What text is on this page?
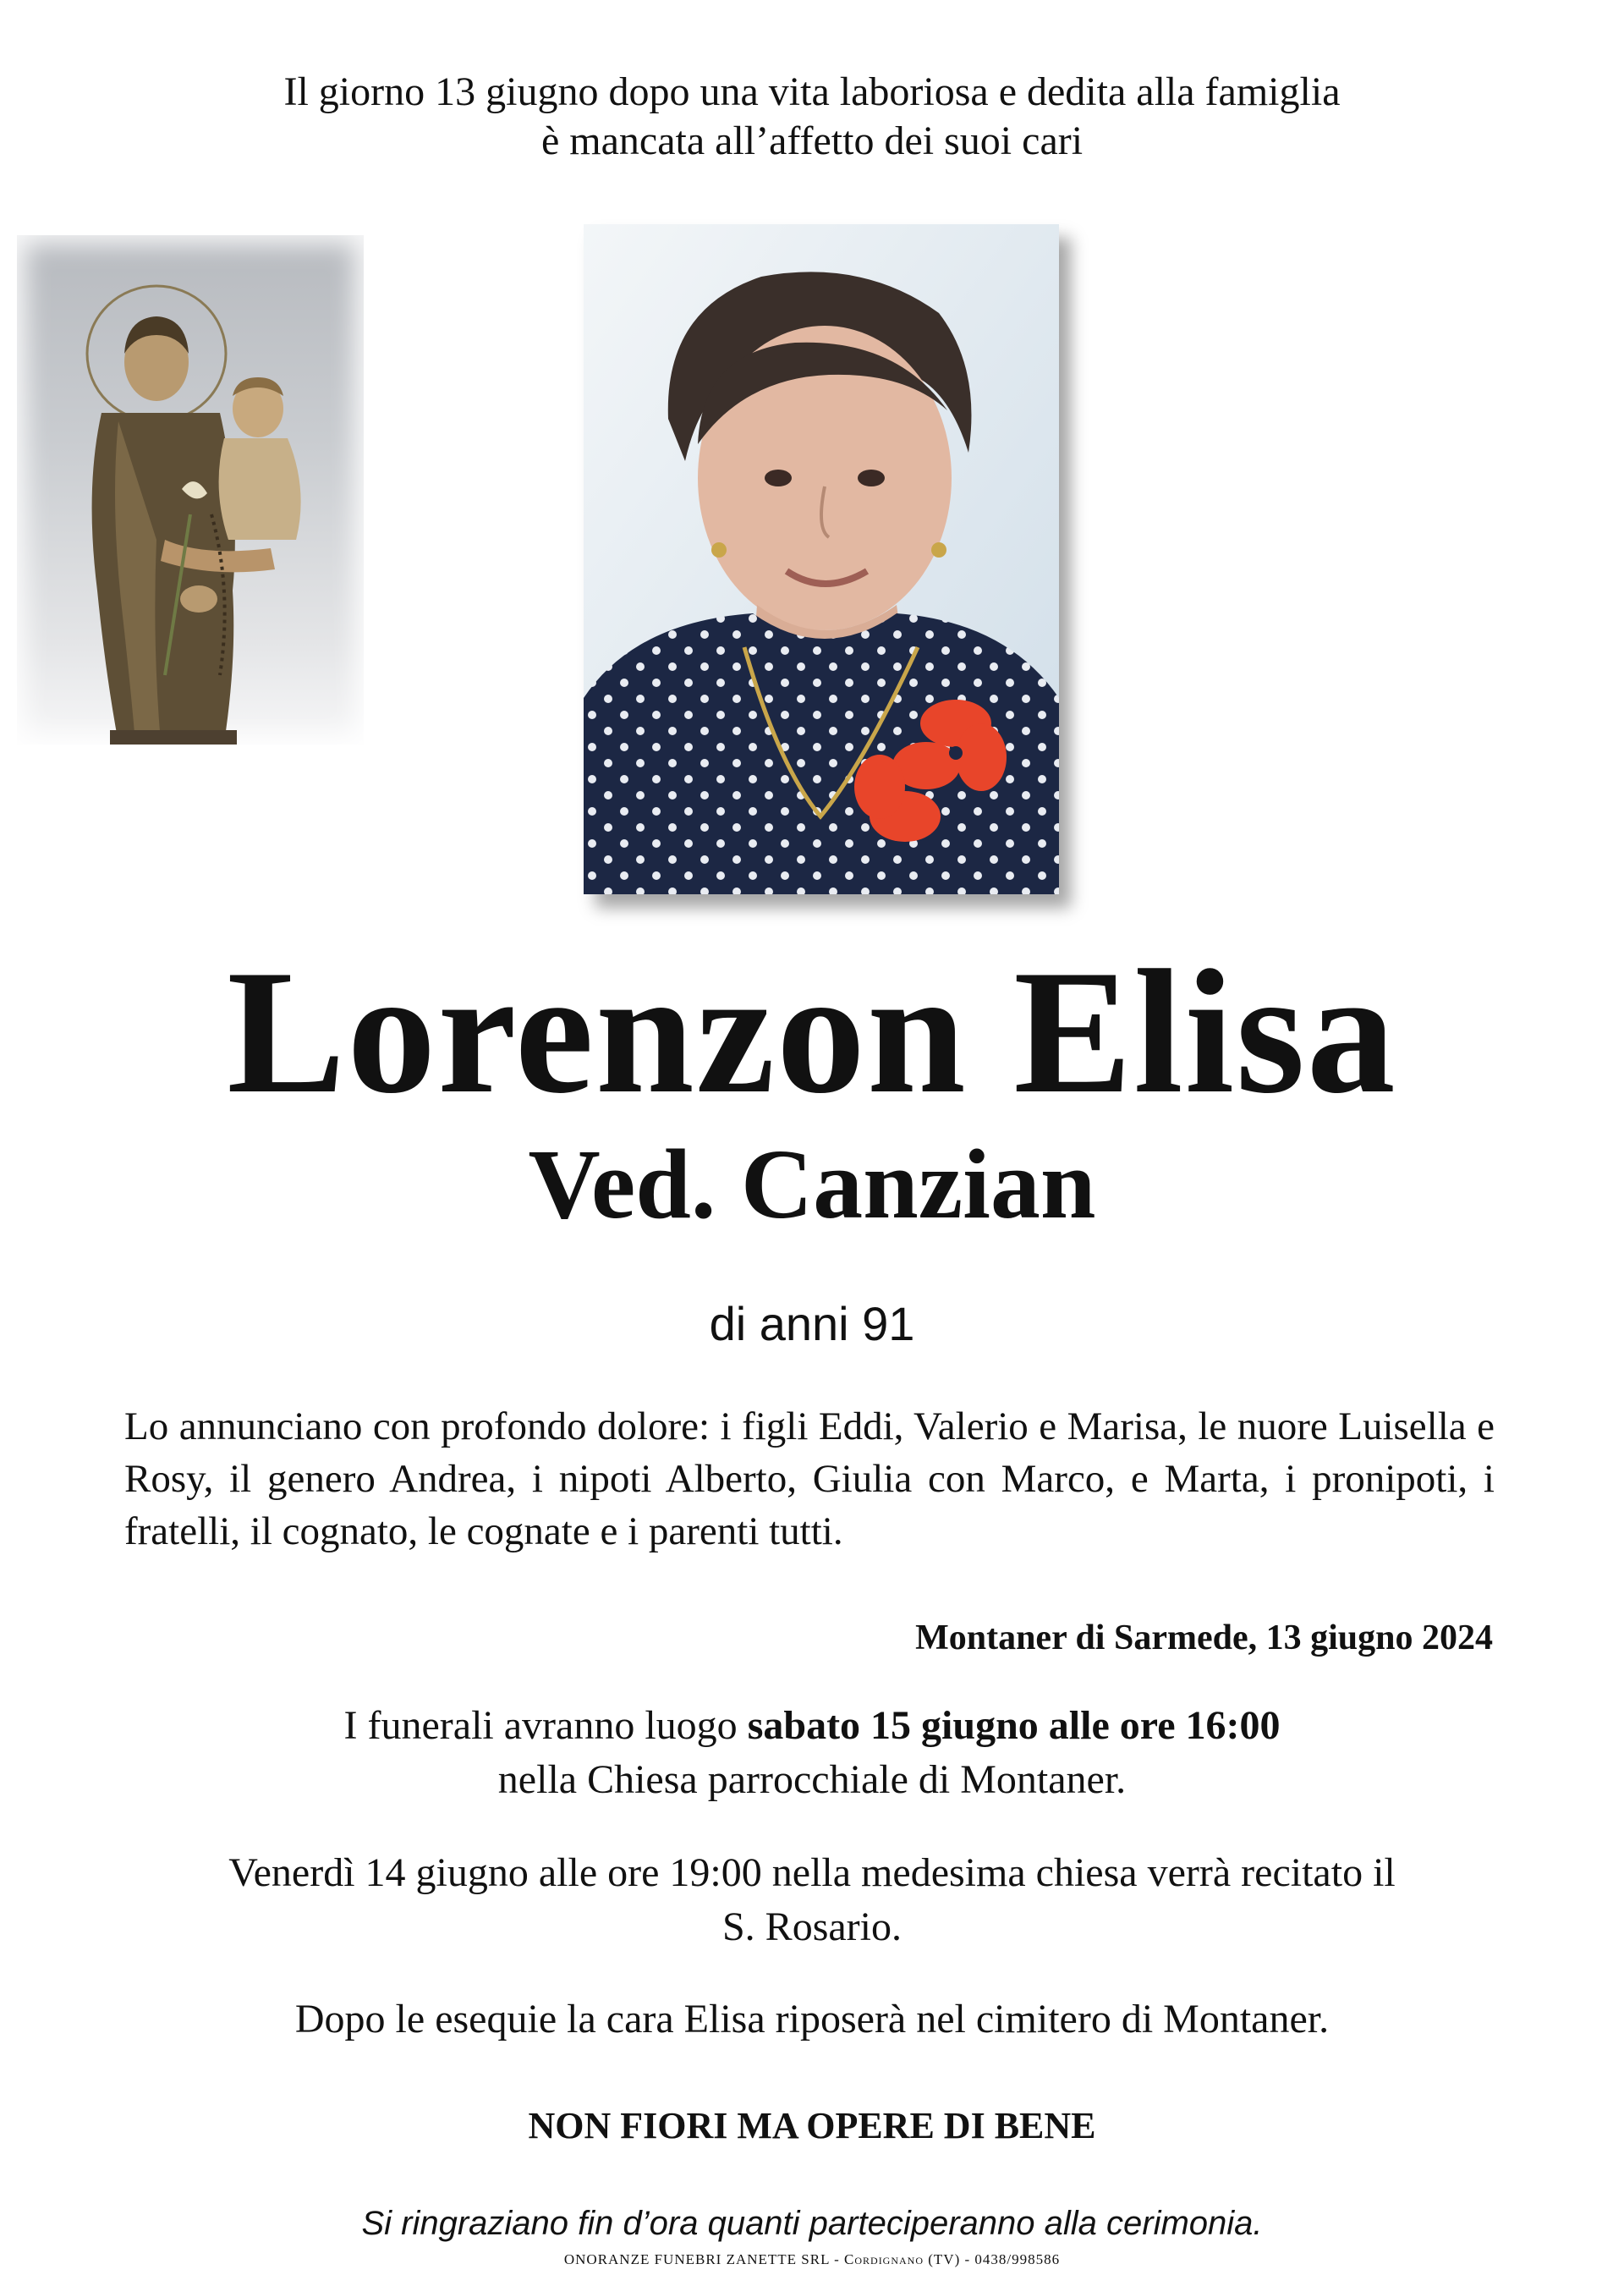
Il giorno 13 giugno dopo una vita laboriosa e dedita alla famiglia
è mancata all’affetto dei suoi cari
Lorenzon Elisa
Ved. Canzian
di anni 91
Lo annunciano con profondo dolore: i figli Eddi, Valerio e Marisa, le nuore Luisella e Rosy, il genero Andrea, i nipoti Alberto, Giulia con Marco, e Marta, i pronipoti, i fratelli, il cognato, le cognate e i parenti tutti.
Montaner di Sarmede, 13 giugno 2024
I funerali avranno luogo sabato 15 giugno alle ore 16:00
nella Chiesa parrocchiale di Montaner.
Venerdì 14 giugno alle ore 19:00 nella medesima chiesa verrà recitato il
S. Rosario.
Dopo le esequie la cara Elisa riposerà nel cimitero di Montaner.
NON FIORI MA OPERE DI BENE
Si ringraziano fin d’ora quanti parteciperanno alla cerimonia.
ONORANZE FUNEBRI ZANETTE SRL - Cordignano (TV) - 0438/998586
